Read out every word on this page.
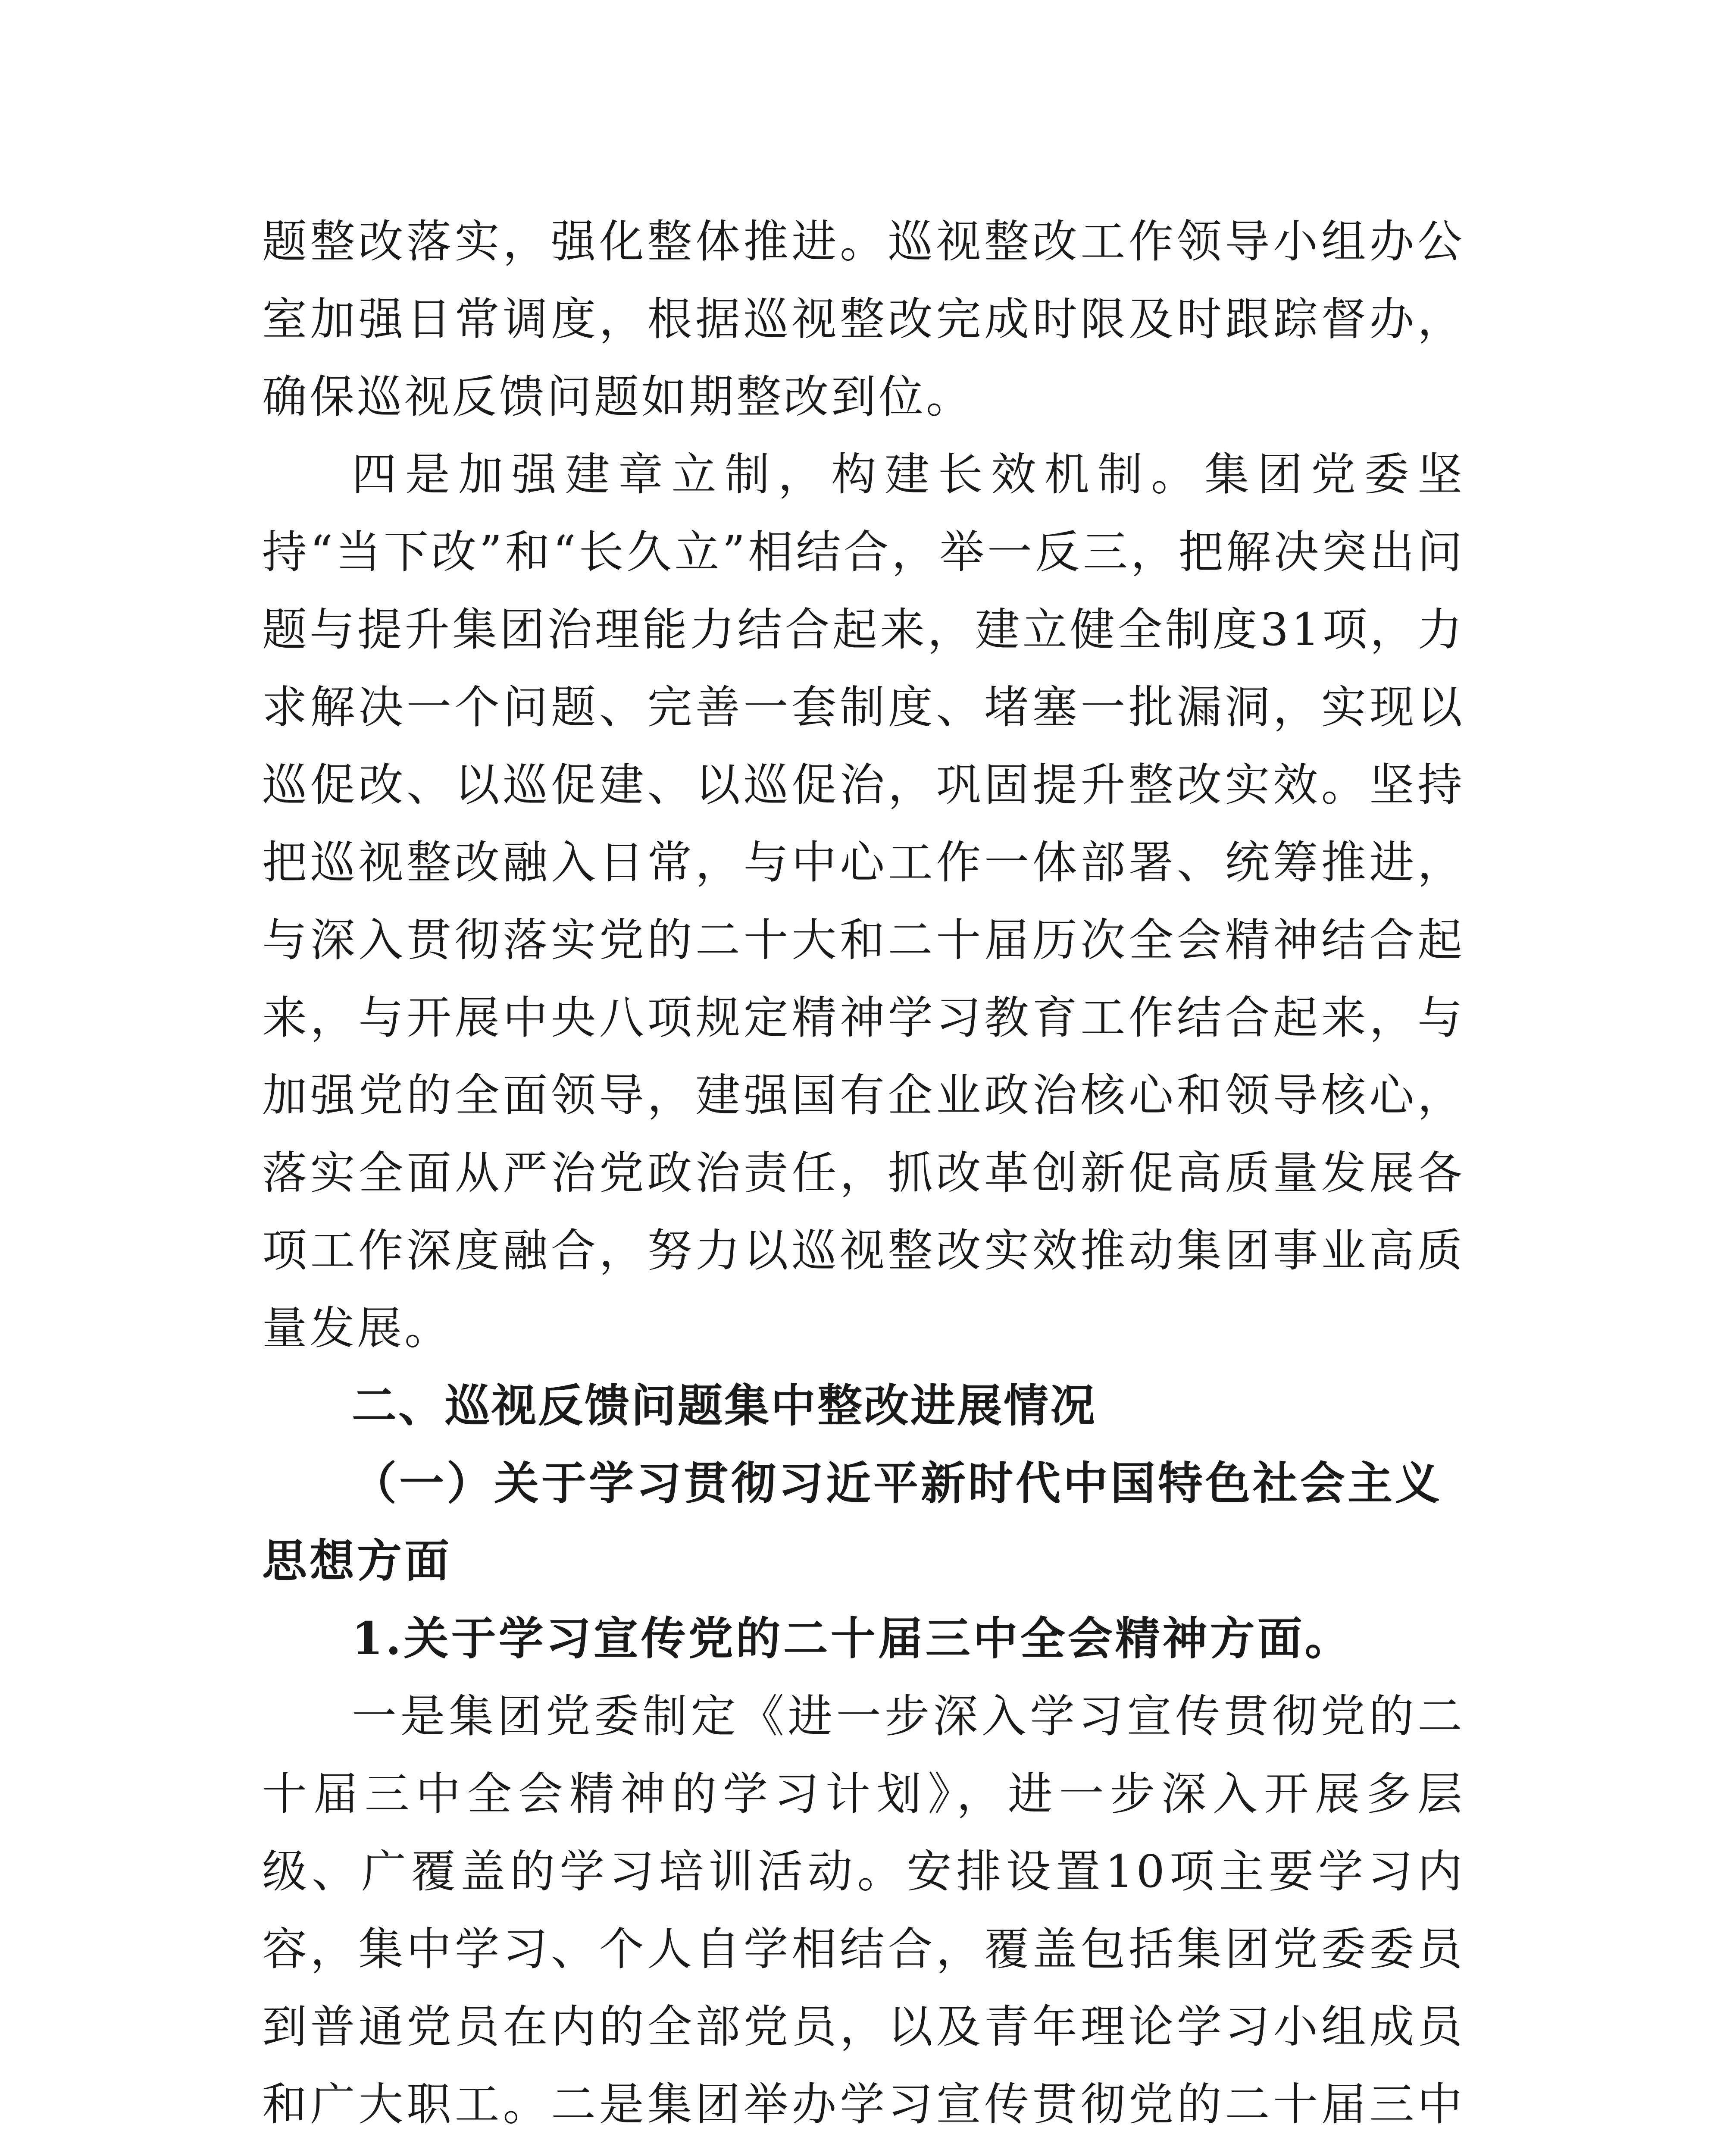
题整改落实，强化整体推进。巡视整改工作领导小组办公室加强日常调度，根据巡视整改完成时限及时跟踪督办，确保巡视反馈问题如期整改到位。

四是加强建章立制，构建长效机制。集团党委坚持“当下改”和“长久立”相结合，举一反三，把解决突出问题与提升集团治理能力结合起来，建立健全制度31项，力求解决一个问题、完善一套制度、堵塞一批漏洞，实现以巡促改、以巡促建、以巡促治，巩固提升整改实效。坚持把巡视整改融入日常，与中心工作一体部署、统筹推进，与深入贯彻落实党的二十大和二十届历次全会精神结合起来，与开展中央八项规定精神学习教育工作结合起来，与加强党的全面领导，建强国有企业政治核心和领导核心，落实全面从严治党政治责任，抓改革创新促高质量发展各项工作深度融合，努力以巡视整改实效推动集团事业高质量发展。

二、巡视反馈问题集中整改进展情况

（一）关于学习贯彻习近平新时代中国特色社会主义思想方面

1.关于学习宣传党的二十届三中全会精神方面。

一是集团党委制定《进一步深入学习宣传贯彻党的二十届三中全会精神的学习计划》，进一步深入开展多层级、广覆盖的学习培训活动。安排设置10项主要学习内容，集中学习、个人自学相结合，覆盖包括集团党委委员到普通党员在内的全部党员，以及青年理论学习小组成员和广大职工。二是集团举办学习宣传贯彻党的二十届三中
